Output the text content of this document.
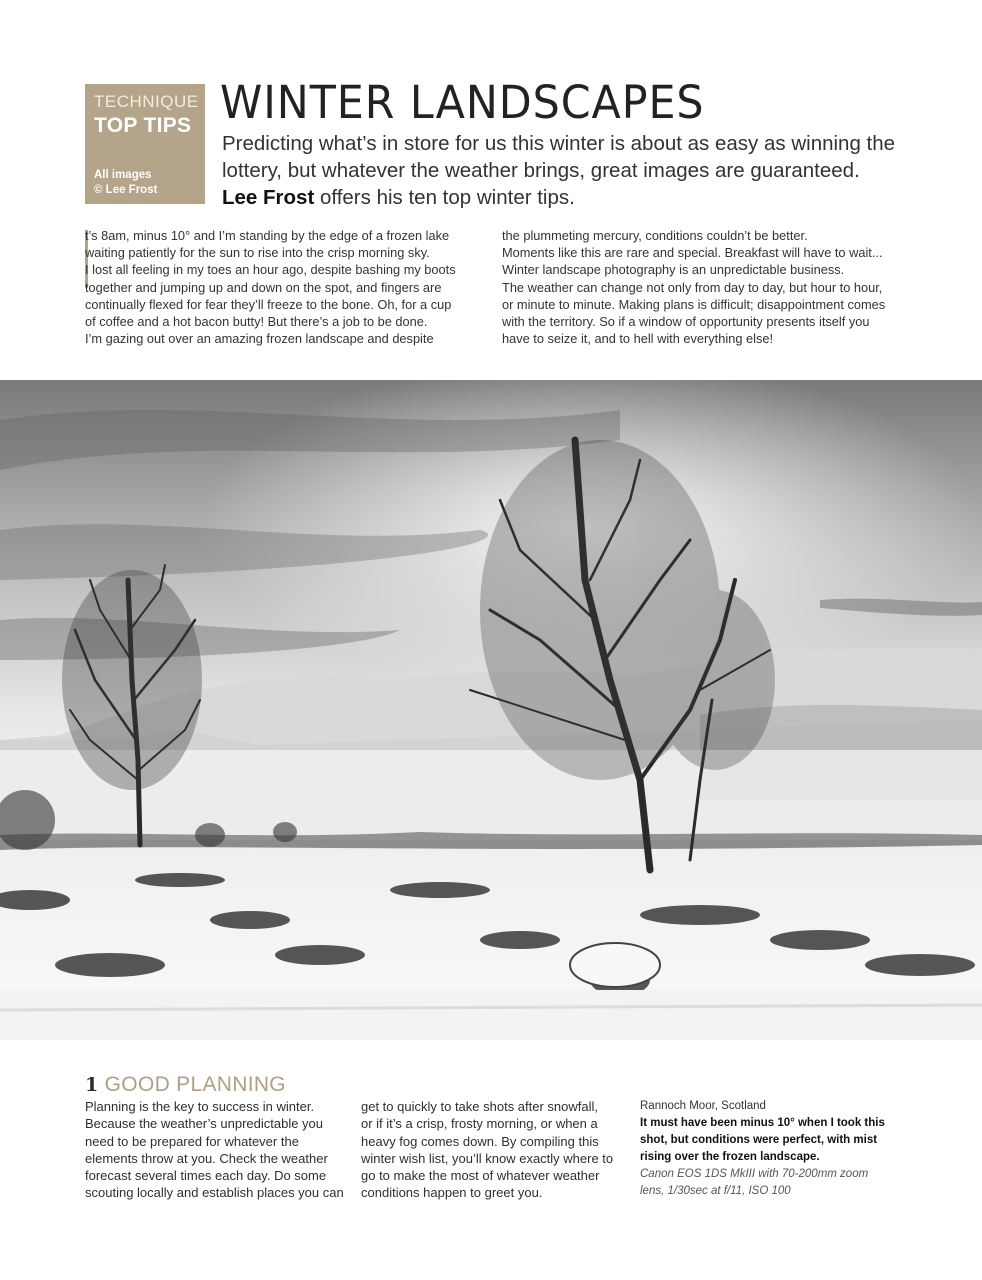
TECHNIQUE
TOP TIPS
All images
© Lee Frost
WINTER LANDSCAPES

Predicting what’s in store for us this winter is about as easy as winning the lottery, but whatever the weather brings, great images are guaranteed.
Lee Frost offers his ten top winter tips.

t’s 8am, minus 10° and I’m standing by the edge of a frozen lake
waiting patiently for the sun to rise into the crisp morning sky.
I lost all feeling in my toes an hour ago, despite bashing my boots
together and jumping up and down on the spot, and fingers are
continually flexed for fear they’ll freeze to the bone. Oh, for a cup
of coffee and a hot bacon butty! But there’s a job to be done.
I’m gazing out over an amazing frozen landscape and despite

the plummeting mercury, conditions couldn’t be better.
Moments like this are rare and special. Breakfast will have to wait...
Winter landscape photography is an unpredictable business.
The weather can change not only from day to day, but hour to hour,
or minute to minute. Making plans is difficult; disappointment comes
with the territory. So if a window of opportunity presents itself you
have to seize it, and to hell with everything else!

1 GOOD PLANNING

Planning is the key to success in winter.
Because the weather’s unpredictable you
need to be prepared for whatever the
elements throw at you. Check the weather
forecast several times each day. Do some
scouting locally and establish places you can

get to quickly to take shots after snowfall,
or if it’s a crisp, frosty morning, or when a
heavy fog comes down. By compiling this
winter wish list, you’ll know exactly where to
go to make the most of whatever weather
conditions happen to greet you.

Rannoch Moor, Scotland
It must have been minus 10° when I took this shot, but conditions were perfect, with mist rising over the frozen landscape.
Canon EOS 1DS MkIII with 70-200mm zoom lens, 1/30sec at f/11, ISO 100
